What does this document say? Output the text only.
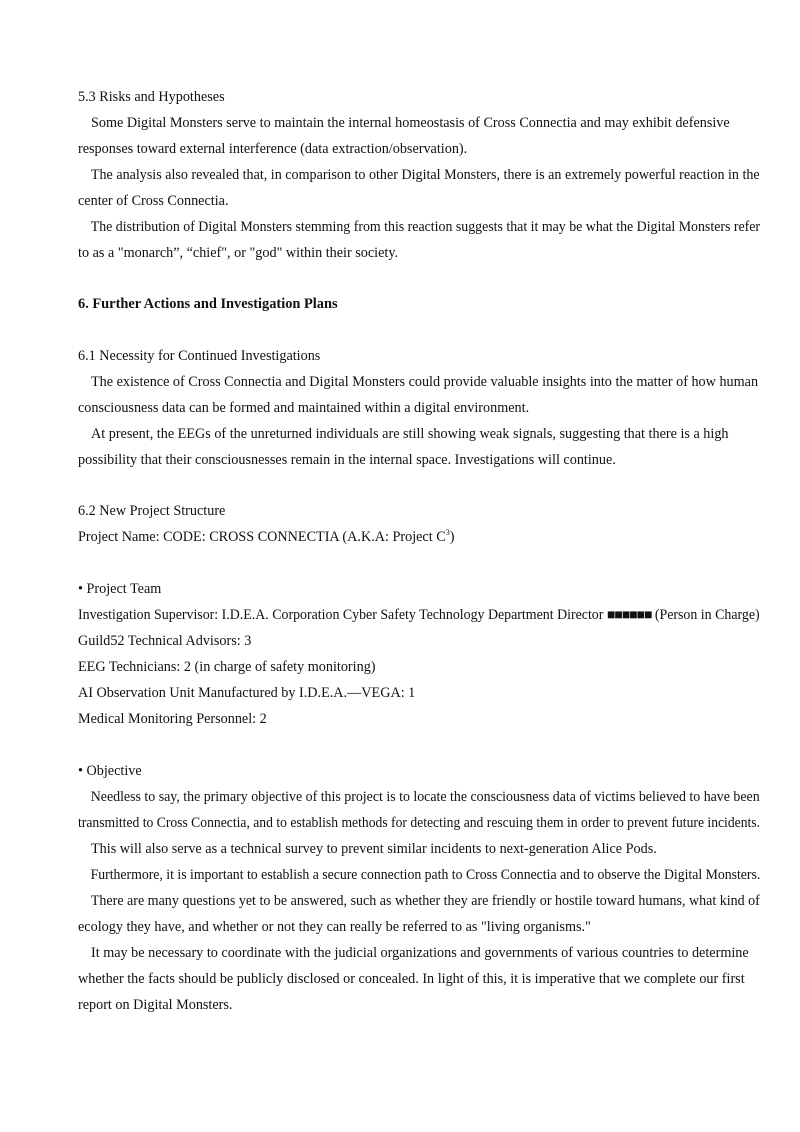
5.3 Risks and Hypotheses
Some Digital Monsters serve to maintain the internal homeostasis of Cross Connectia and may exhibit defensive
responses toward external interference (data extraction/observation).
The analysis also revealed that, in comparison to other Digital Monsters, there is an extremely powerful reaction in the
center of Cross Connectia.
The distribution of Digital Monsters stemming from this reaction suggests that it may be what the Digital Monsters refer
to as a "monarch”, “chief", or "god" within their society.
6. Further Actions and Investigation Plans
6.1 Necessity for Continued Investigations
The existence of Cross Connectia and Digital Monsters could provide valuable insights into the matter of how human
consciousness data can be formed and maintained within a digital environment.
At present, the EEGs of the unreturned individuals are still showing weak signals, suggesting that there is a high
possibility that their consciousnesses remain in the internal space. Investigations will continue.
6.2 New Project Structure
Project Name: CODE: CROSS CONNECTIA (A.K.A: Project $C^3$)
• Project Team
Investigation Supervisor: I.D.E.A. Corporation Cyber Safety Technology Department Director ■■■■■■ (Person in Charge)
Guild52 Technical Advisors: 3
EEG Technicians: 2 (in charge of safety monitoring)
AI Observation Unit Manufactured by I.D.E.A.—VEGA: 1
Medical Monitoring Personnel: 2
• Objective
Needless to say, the primary objective of this project is to locate the consciousness data of victims believed to have been
transmitted to Cross Connectia, and to establish methods for detecting and rescuing them in order to prevent future incidents.
This will also serve as a technical survey to prevent similar incidents to next-generation Alice Pods.
Furthermore, it is important to establish a secure connection path to Cross Connectia and to observe the Digital Monsters.
There are many questions yet to be answered, such as whether they are friendly or hostile toward humans, what kind of
ecology they have, and whether or not they can really be referred to as "living organisms."
It may be necessary to coordinate with the judicial organizations and governments of various countries to determine
whether the facts should be publicly disclosed or concealed. In light of this, it is imperative that we complete our first
report on Digital Monsters.
